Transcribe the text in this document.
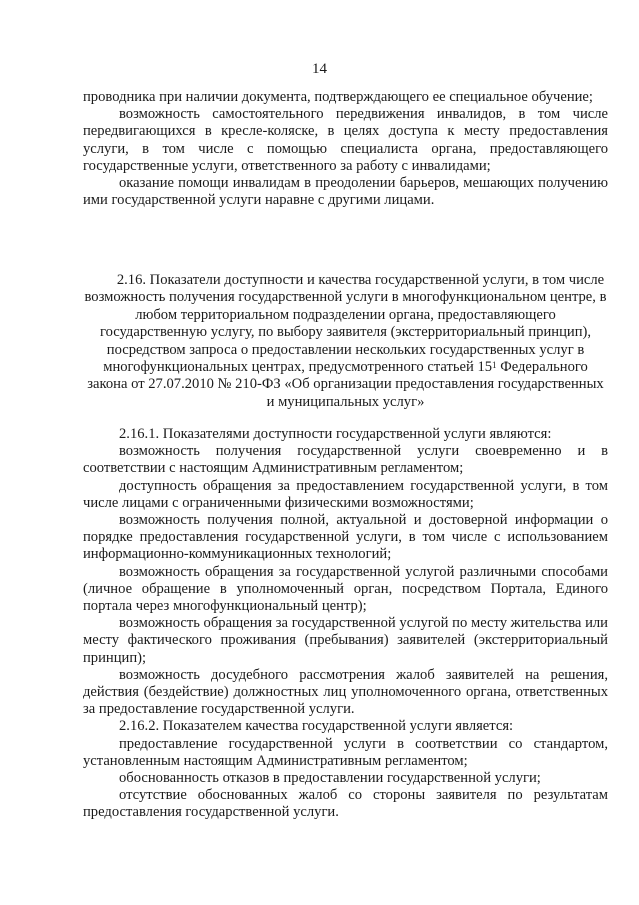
14

проводника при наличии документа, подтверждающего ее специальное обучение;

возможность самостоятельного передвижения инвалидов, в том числе передвигающихся в кресле-коляске, в целях доступа к месту предоставления услуги, в том числе с помощью специалиста органа, предоставляющего государственные услуги, ответственного за работу с инвалидами;

оказание помощи инвалидам в преодолении барьеров, мешающих получению ими государственной услуги наравне с другими лицами.

2.16. Показатели доступности и качества государственной услуги, в том числе возможность получения государственной услуги в многофункциональном центре, в любом территориальном подразделении органа, предоставляющего государственную услугу, по выбору заявителя (экстерриториальный принцип), посредством запроса о предоставлении нескольких государственных услуг в многофункциональных центрах, предусмотренного статьей $15^1$ Федерального закона от 27.07.2010 № 210-ФЗ «Об организации предоставления государственных и муниципальных услуг»

2.16.1. Показателями доступности государственной услуги являются:

возможность получения государственной услуги своевременно и в соответствии с настоящим Административным регламентом;

доступность обращения за предоставлением государственной услуги, в том числе лицами с ограниченными физическими возможностями;

возможность получения полной, актуальной и достоверной информации о порядке предоставления государственной услуги, в том числе с использованием информационно-коммуникационных технологий;

возможность обращения за государственной услугой различными способами (личное обращение в уполномоченный орган, посредством Портала, Единого портала через многофункциональный центр);

возможность обращения за государственной услугой по месту жительства или месту фактического проживания (пребывания) заявителей (экстерриториальный принцип);

возможность досудебного рассмотрения жалоб заявителей на решения, действия (бездействие) должностных лиц уполномоченного органа, ответственных за предоставление государственной услуги.

2.16.2. Показателем качества государственной услуги является:

предоставление государственной услуги в соответствии со стандартом, установленным настоящим Административным регламентом;

обоснованность отказов в предоставлении государственной услуги;

отсутствие обоснованных жалоб со стороны заявителя по результатам предоставления государственной услуги.
